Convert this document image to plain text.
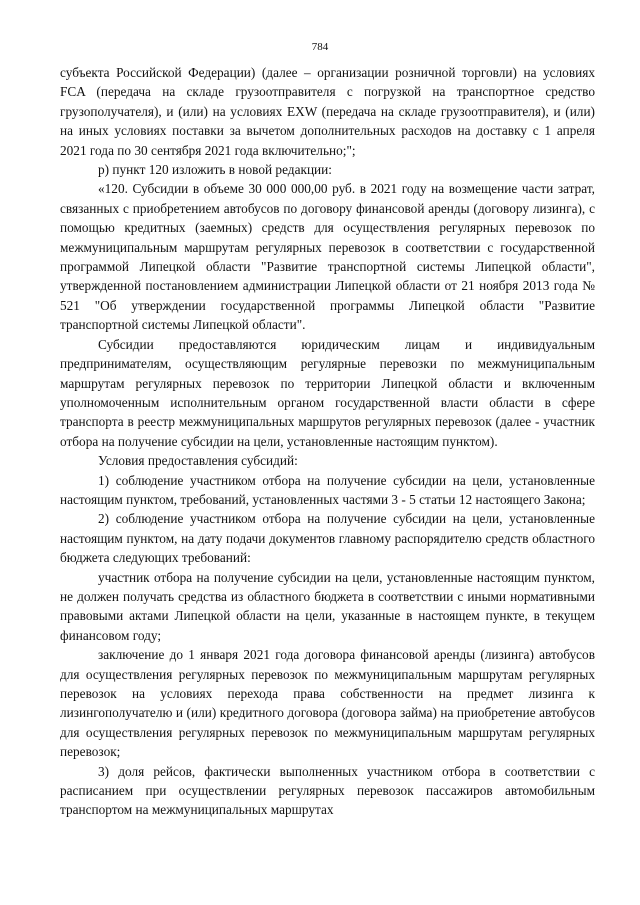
784

субъекта Российской Федерации) (далее – организации розничной торговли) на условиях FCA (передача на складе грузоотправителя с погрузкой на транспортное средство грузополучателя), и (или) на условиях EXW (передача на складе грузоотправителя), и (или) на иных условиях поставки за вычетом дополнительных расходов на доставку с 1 апреля 2021 года по 30 сентября 2021 года включительно;";

р) пункт 120 изложить в новой редакции:

«120. Субсидии в объеме 30 000 000,00 руб. в 2021 году на возмещение части затрат, связанных с приобретением автобусов по договору финансовой аренды (договору лизинга), с помощью кредитных (заемных) средств для осуществления регулярных перевозок по межмуниципальным маршрутам регулярных перевозок в соответствии с государственной программой Липецкой области "Развитие транспортной системы Липецкой области", утвержденной постановлением администрации Липецкой области от 21 ноября 2013 года № 521 "Об утверждении государственной программы Липецкой области "Развитие транспортной системы Липецкой области".

Субсидии предоставляются юридическим лицам и индивидуальным предпринимателям, осуществляющим регулярные перевозки по межмуниципальным маршрутам регулярных перевозок по территории Липецкой области и включенным уполномоченным исполнительным органом государственной власти области в сфере транспорта в реестр межмуниципальных маршрутов регулярных перевозок (далее - участник отбора на получение субсидии на цели, установленные настоящим пунктом).

Условия предоставления субсидий:

1) соблюдение участником отбора на получение субсидии на цели, установленные настоящим пунктом, требований, установленных частями 3 - 5 статьи 12 настоящего Закона;

2) соблюдение участником отбора на получение субсидии на цели, установленные настоящим пунктом, на дату подачи документов главному распорядителю средств областного бюджета следующих требований:

участник отбора на получение субсидии на цели, установленные настоящим пунктом, не должен получать средства из областного бюджета в соответствии с иными нормативными правовыми актами Липецкой области на цели, указанные в настоящем пункте, в текущем финансовом году;

заключение до 1 января 2021 года договора финансовой аренды (лизинга) автобусов для осуществления регулярных перевозок по межмуниципальным маршрутам регулярных перевозок на условиях перехода права собственности на предмет лизинга к лизингополучателю и (или) кредитного договора (договора займа) на приобретение автобусов для осуществления регулярных перевозок по межмуниципальным маршрутам регулярных перевозок;

3) доля рейсов, фактически выполненных участником отбора в соответствии с расписанием при осуществлении регулярных перевозок пассажиров автомобильным транспортом на межмуниципальных маршрутах
